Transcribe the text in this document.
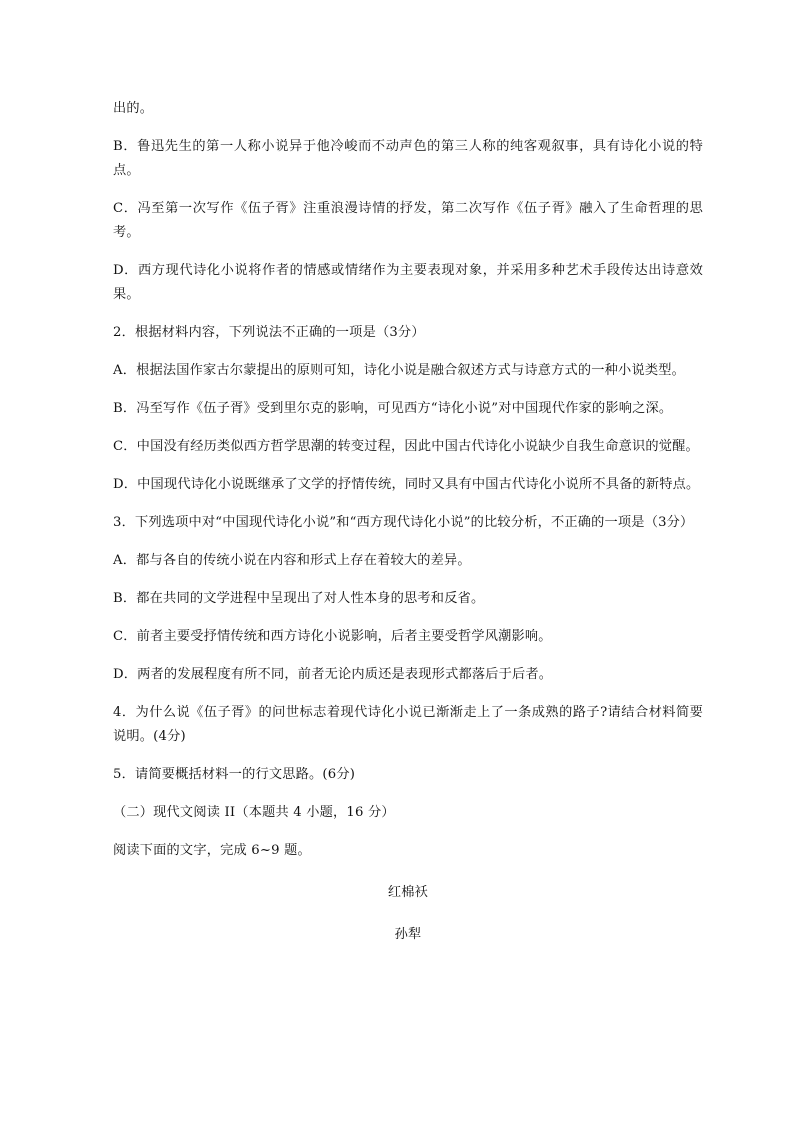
出的。

B．鲁迅先生的第一人称小说异于他冷峻而不动声色的第三人称的纯客观叙事，具有诗化小说的特点。

C．冯至第一次写作《伍子胥》注重浪漫诗情的抒发，第二次写作《伍子胥》融入了生命哲理的思考。

D．西方现代诗化小说将作者的情感或情绪作为主要表现对象，并采用多种艺术手段传达出诗意效果。

2．根据材料内容，下列说法不正确的一项是（3分）

A．根据法国作家古尔蒙提出的原则可知，诗化小说是融合叙述方式与诗意方式的一种小说类型。

B．冯至写作《伍子胥》受到里尔克的影响，可见西方“诗化小说”对中国现代作家的影响之深。

C．中国没有经历类似西方哲学思潮的转变过程，因此中国古代诗化小说缺少自我生命意识的觉醒。

D．中国现代诗化小说既继承了文学的抒情传统，同时又具有中国古代诗化小说所不具备的新特点。

3．下列选项中对“中国现代诗化小说”和“西方现代诗化小说”的比较分析，不正确的一项是（3分）

A．都与各自的传统小说在内容和形式上存在着较大的差异。

B．都在共同的文学进程中呈现出了对人性本身的思考和反省。

C．前者主要受抒情传统和西方诗化小说影响，后者主要受哲学风潮影响。

D．两者的发展程度有所不同，前者无论内质还是表现形式都落后于后者。

4．为什么说《伍子胥》的问世标志着现代诗化小说已渐渐走上了一条成熟的路子?请结合材料简要说明。(4分)

5．请简要概括材料一的行文思路。(6分)

（二）现代文阅读 II（本题共 4 小题，16 分）

阅读下面的文字，完成 6~9 题。

红棉袄

孙犁
